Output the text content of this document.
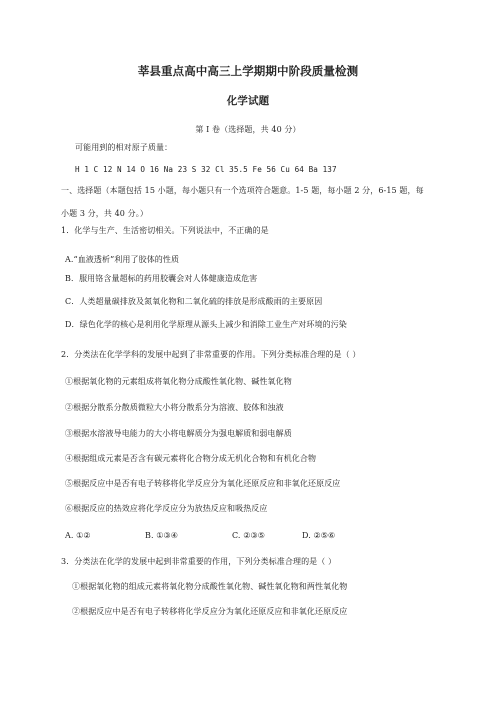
莘县重点高中高三上学期期中阶段质量检测
化学试题
第 I 卷（选择题，共 40 分）
可能用到的相对原子质量：
H 1 C 12 N 14 O 16 Na 23 S 32 Cl 35.5 Fe 56 Cu 64 Ba 137
一、选择题（本题包括 15 小题，每小题只有一个选项符合题意。1-5 题，每小题 2 分，6-15 题，每
小题 3 分，共 40 分。）
1．化学与生产、生活密切相关。下列说法中，不正确的是
A.“血液透析”利用了胶体的性质
B．服用铬含量超标的药用胶囊会对人体健康造成危害
C．人类超量碳排放及氮氧化物和二氧化硫的排放是形成酸雨的主要原因
D．绿色化学的核心是利用化学原理从源头上减少和消除工业生产对环境的污染
2．分类法在化学学科的发展中起到了非常重要的作用。下列分类标准合理的是（ ）
①根据氧化物的元素组成将氧化物分成酸性氧化物、碱性氧化物
②根据分散系分散质微粒大小将分散系分为溶液、胶体和浊液
③根据水溶液导电能力的大小将电解质分为强电解质和弱电解质
④根据组成元素是否含有碳元素将化合物分成无机化合物和有机化合物
⑤根据反应中是否有电子转移将化学反应分为氧化还原反应和非氧化还原反应
⑥根据反应的热效应将化学反应分为放热反应和吸热反应
A. ①②	B. ①③④	C. ②③⑤	D. ②⑤⑥
3．分类法在化学的发展中起到非常重要的作用，下列分类标准合理的是（ ）
①根据氧化物的组成元素将氧化物分成酸性氧化物、碱性氧化物和两性氧化物
②根据反应中是否有电子转移将化学反应分为氧化还原反应和非氧化还原反应
